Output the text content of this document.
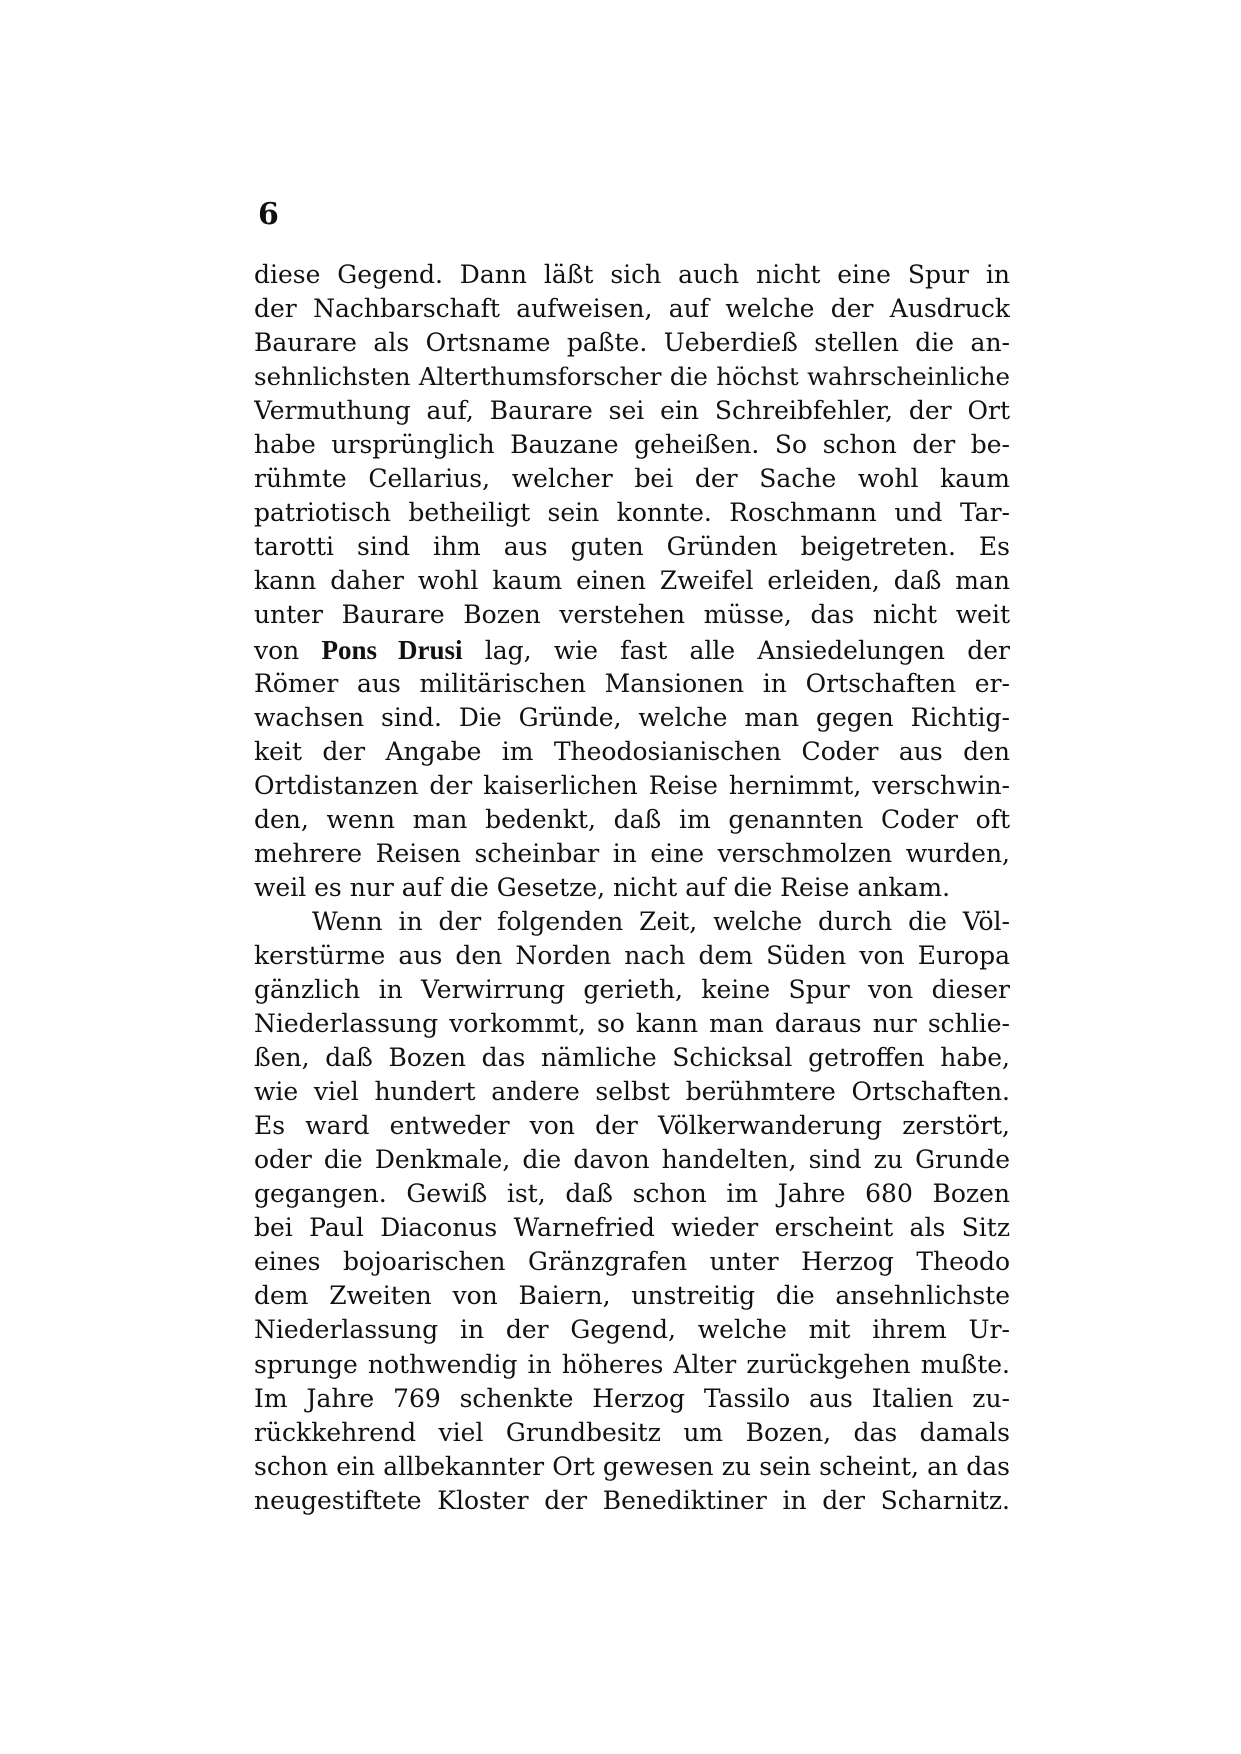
6
diese Gegend. Dann läßt sich auch nicht eine Spur in
der Nachbarschaft aufweisen, auf welche der Ausdruck
Baurare als Ortsname paßte. Ueberdieß stellen die an-
sehnlichsten Alterthumsforscher die höchst wahrscheinliche
Vermuthung auf, Baurare sei ein Schreibfehler, der Ort
habe ursprünglich Bauzane geheißen. So schon der be-
rühmte Cellarius, welcher bei der Sache wohl kaum
patriotisch betheiligt sein konnte. Roschmann und Tar-
tarotti sind ihm aus guten Gründen beigetreten. Es
kann daher wohl kaum einen Zweifel erleiden, daß man
unter Baurare Bozen verstehen müsse, das nicht weit
von Pons Drusi lag, wie fast alle Ansiedelungen der
Römer aus militärischen Mansionen in Ortschaften er-
wachsen sind. Die Gründe, welche man gegen Richtig-
keit der Angabe im Theodosianischen Coder aus den
Ortdistanzen der kaiserlichen Reise hernimmt, verschwin-
den, wenn man bedenkt, daß im genannten Coder oft
mehrere Reisen scheinbar in eine verschmolzen wurden,
weil es nur auf die Gesetze, nicht auf die Reise ankam.
Wenn in der folgenden Zeit, welche durch die Völ-
kerstürme aus den Norden nach dem Süden von Europa
gänzlich in Verwirrung gerieth, keine Spur von dieser
Niederlassung vorkommt, so kann man daraus nur schlie-
ßen, daß Bozen das nämliche Schicksal getroffen habe,
wie viel hundert andere selbst berühmtere Ortschaften.
Es ward entweder von der Völkerwanderung zerstört,
oder die Denkmale, die davon handelten, sind zu Grunde
gegangen. Gewiß ist, daß schon im Jahre 680 Bozen
bei Paul Diaconus Warnefried wieder erscheint als Sitz
eines bojoarischen Gränzgrafen unter Herzog Theodo
dem Zweiten von Baiern, unstreitig die ansehnlichste
Niederlassung in der Gegend, welche mit ihrem Ur-
sprunge nothwendig in höheres Alter zurückgehen mußte.
Im Jahre 769 schenkte Herzog Tassilo aus Italien zu-
rückkehrend viel Grundbesitz um Bozen, das damals
schon ein allbekannter Ort gewesen zu sein scheint, an das
neugestiftete Kloster der Benediktiner in der Scharnitz.
